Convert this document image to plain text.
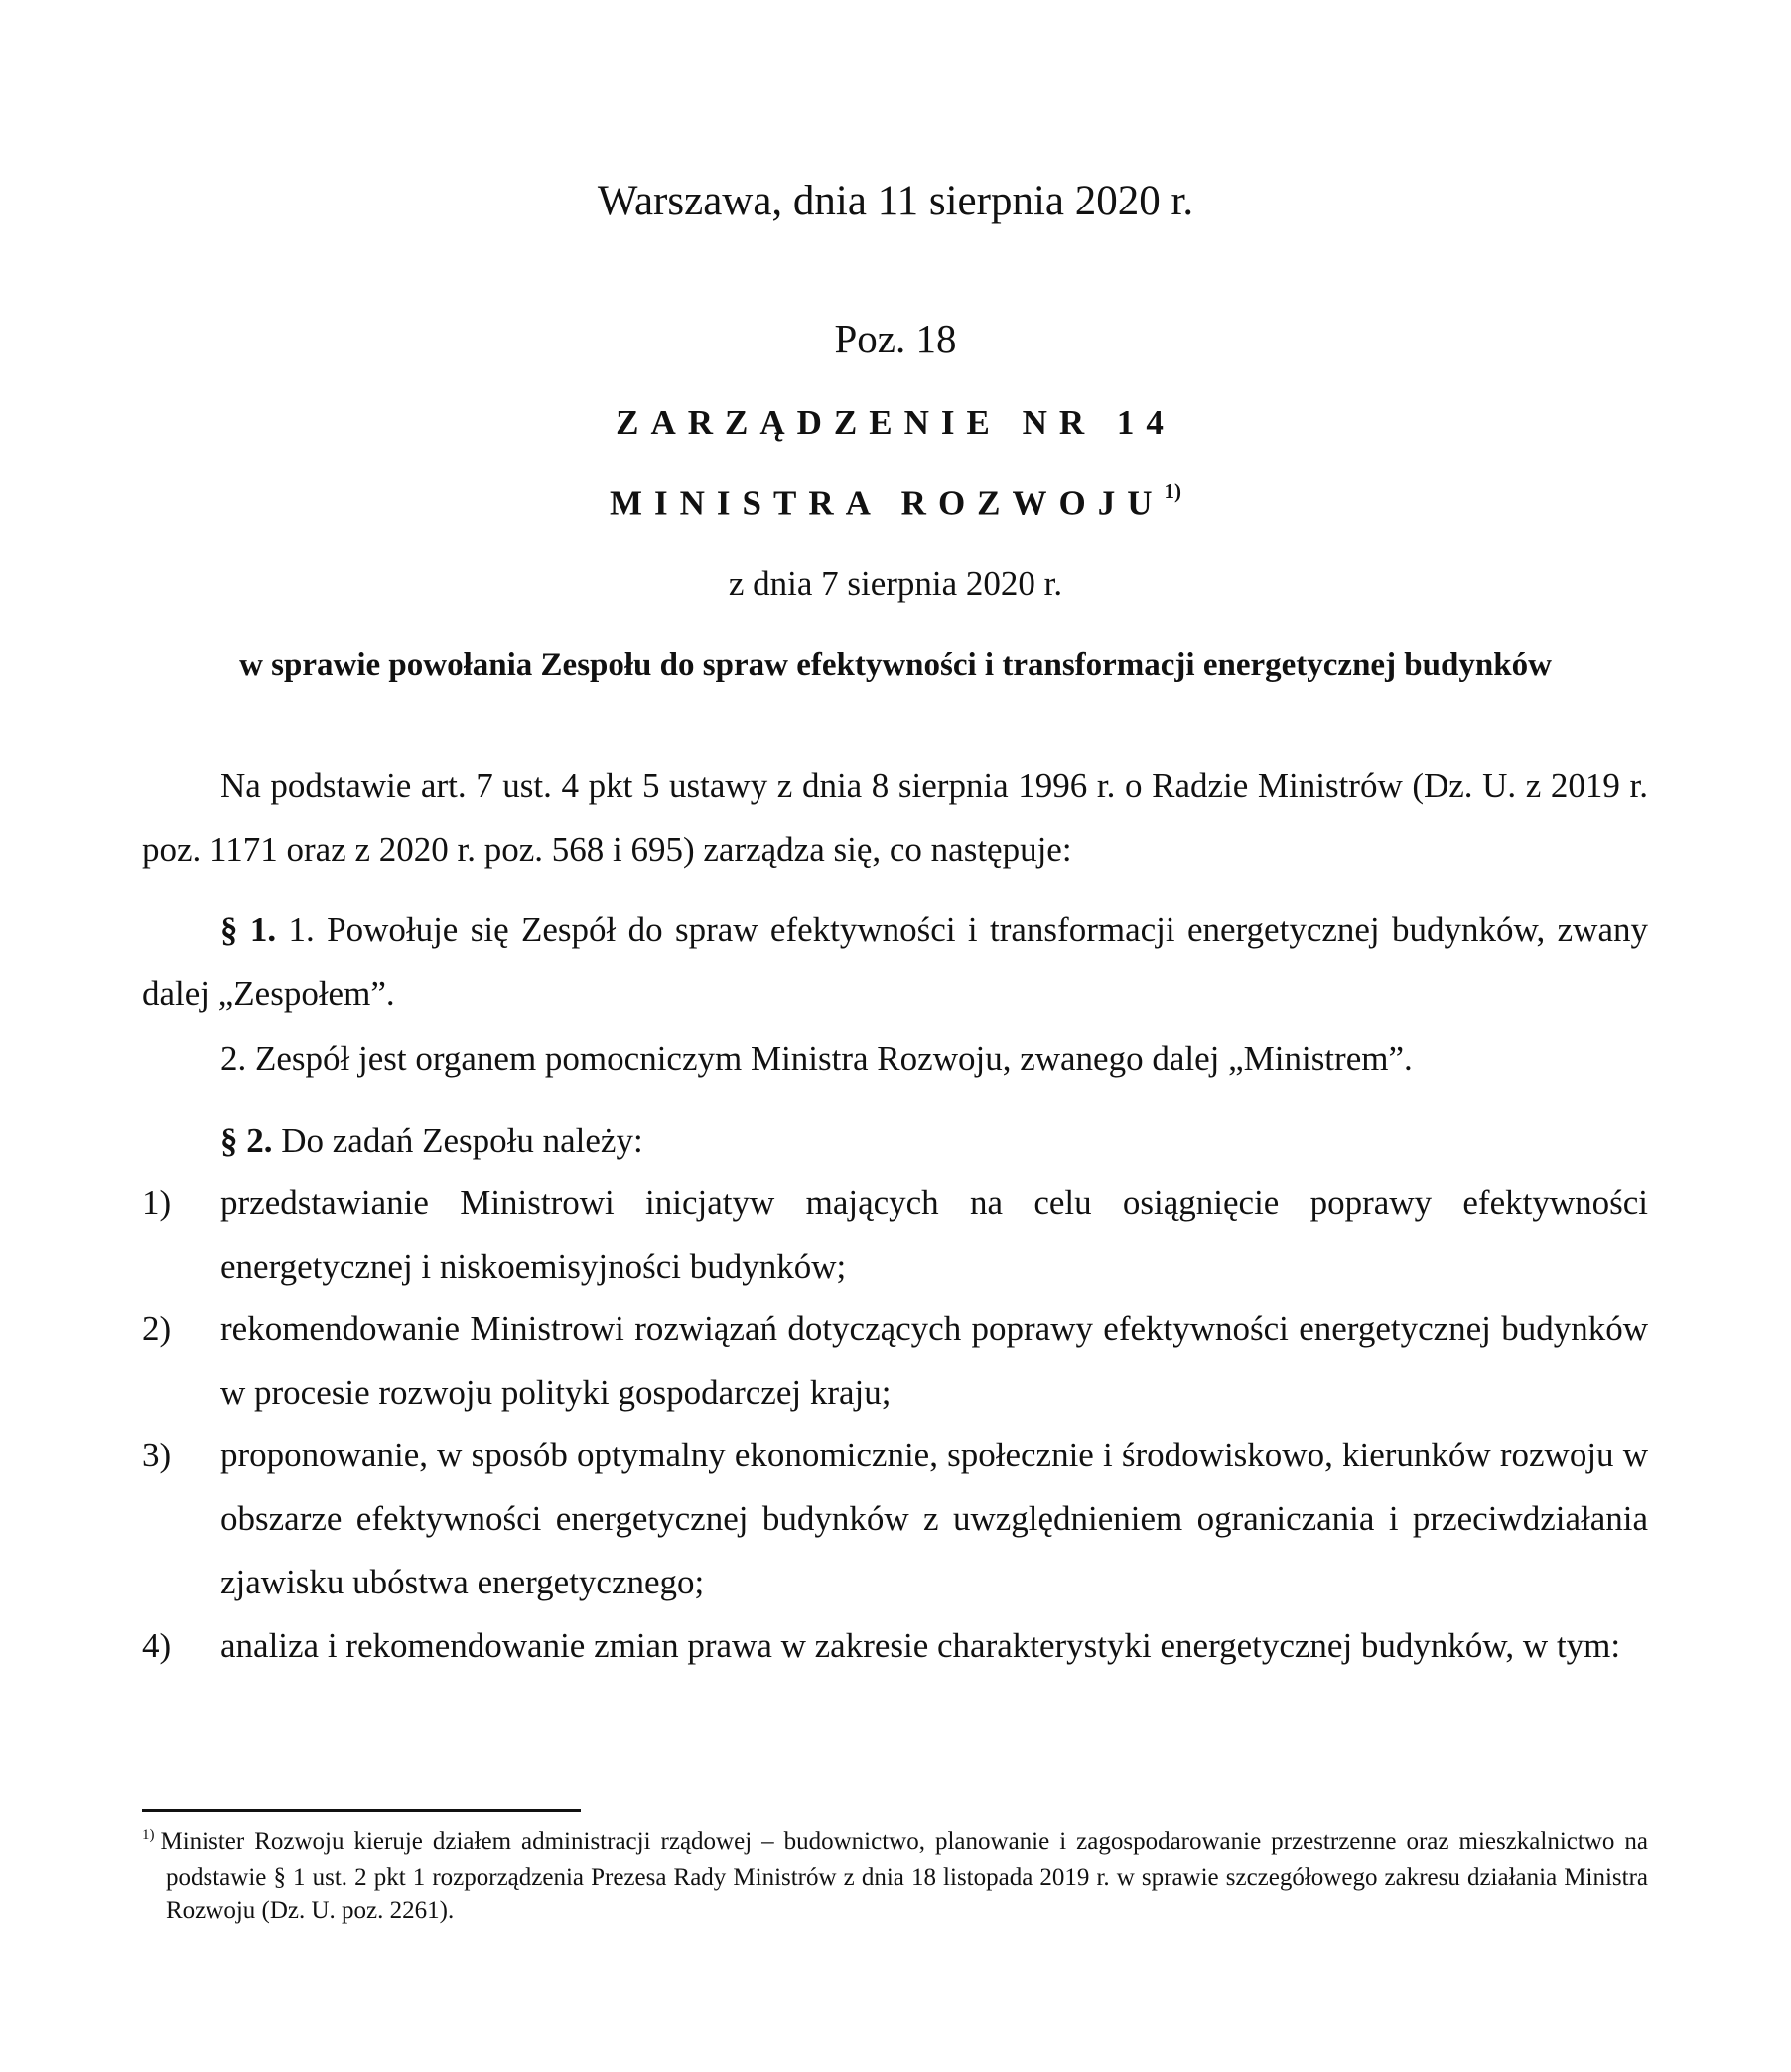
Warszawa, dnia 11 sierpnia 2020 r.
Poz. 18
ZARZĄDZENIE NR 14
MINISTRA ROZWOJU$^{1)}$
z dnia 7 sierpnia 2020 r.
w sprawie powołania Zespołu do spraw efektywności i transformacji energetycznej budynków
Na podstawie art. 7 ust. 4 pkt 5 ustawy z dnia 8 sierpnia 1996 r. o Radzie Ministrów (Dz. U. z 2019 r. poz. 1171 oraz z 2020 r. poz. 568 i 695) zarządza się, co następuje:
§ 1. 1. Powołuje się Zespół do spraw efektywności i transformacji energetycznej budynków, zwany dalej „Zespołem”.
2. Zespół jest organem pomocniczym Ministra Rozwoju, zwanego dalej „Ministrem”.
§ 2. Do zadań Zespołu należy:
1)	przedstawianie Ministrowi inicjatyw mających na celu osiągnięcie poprawy efektywności energetycznej i niskoemisyjności budynków;
2)	rekomendowanie Ministrowi rozwiązań dotyczących poprawy efektywności energetycznej budynków w procesie rozwoju polityki gospodarczej kraju;
3)	proponowanie, w sposób optymalny ekonomicznie, społecznie i środowiskowo, kierunków rozwoju w obszarze efektywności energetycznej budynków z uwzględnieniem ograniczania i przeciwdziałania zjawisku ubóstwa energetycznego;
4)	analiza i rekomendowanie zmian prawa w zakresie charakterystyki energetycznej budynków, w tym:
$^{1)}$ Minister Rozwoju kieruje działem administracji rządowej – budownictwo, planowanie i zagospodarowanie przestrzenne oraz mieszkalnictwo na podstawie § 1 ust. 2 pkt 1 rozporządzenia Prezesa Rady Ministrów z dnia 18 listopada 2019 r. w sprawie szczegółowego zakresu działania Ministra Rozwoju (Dz. U. poz. 2261).
